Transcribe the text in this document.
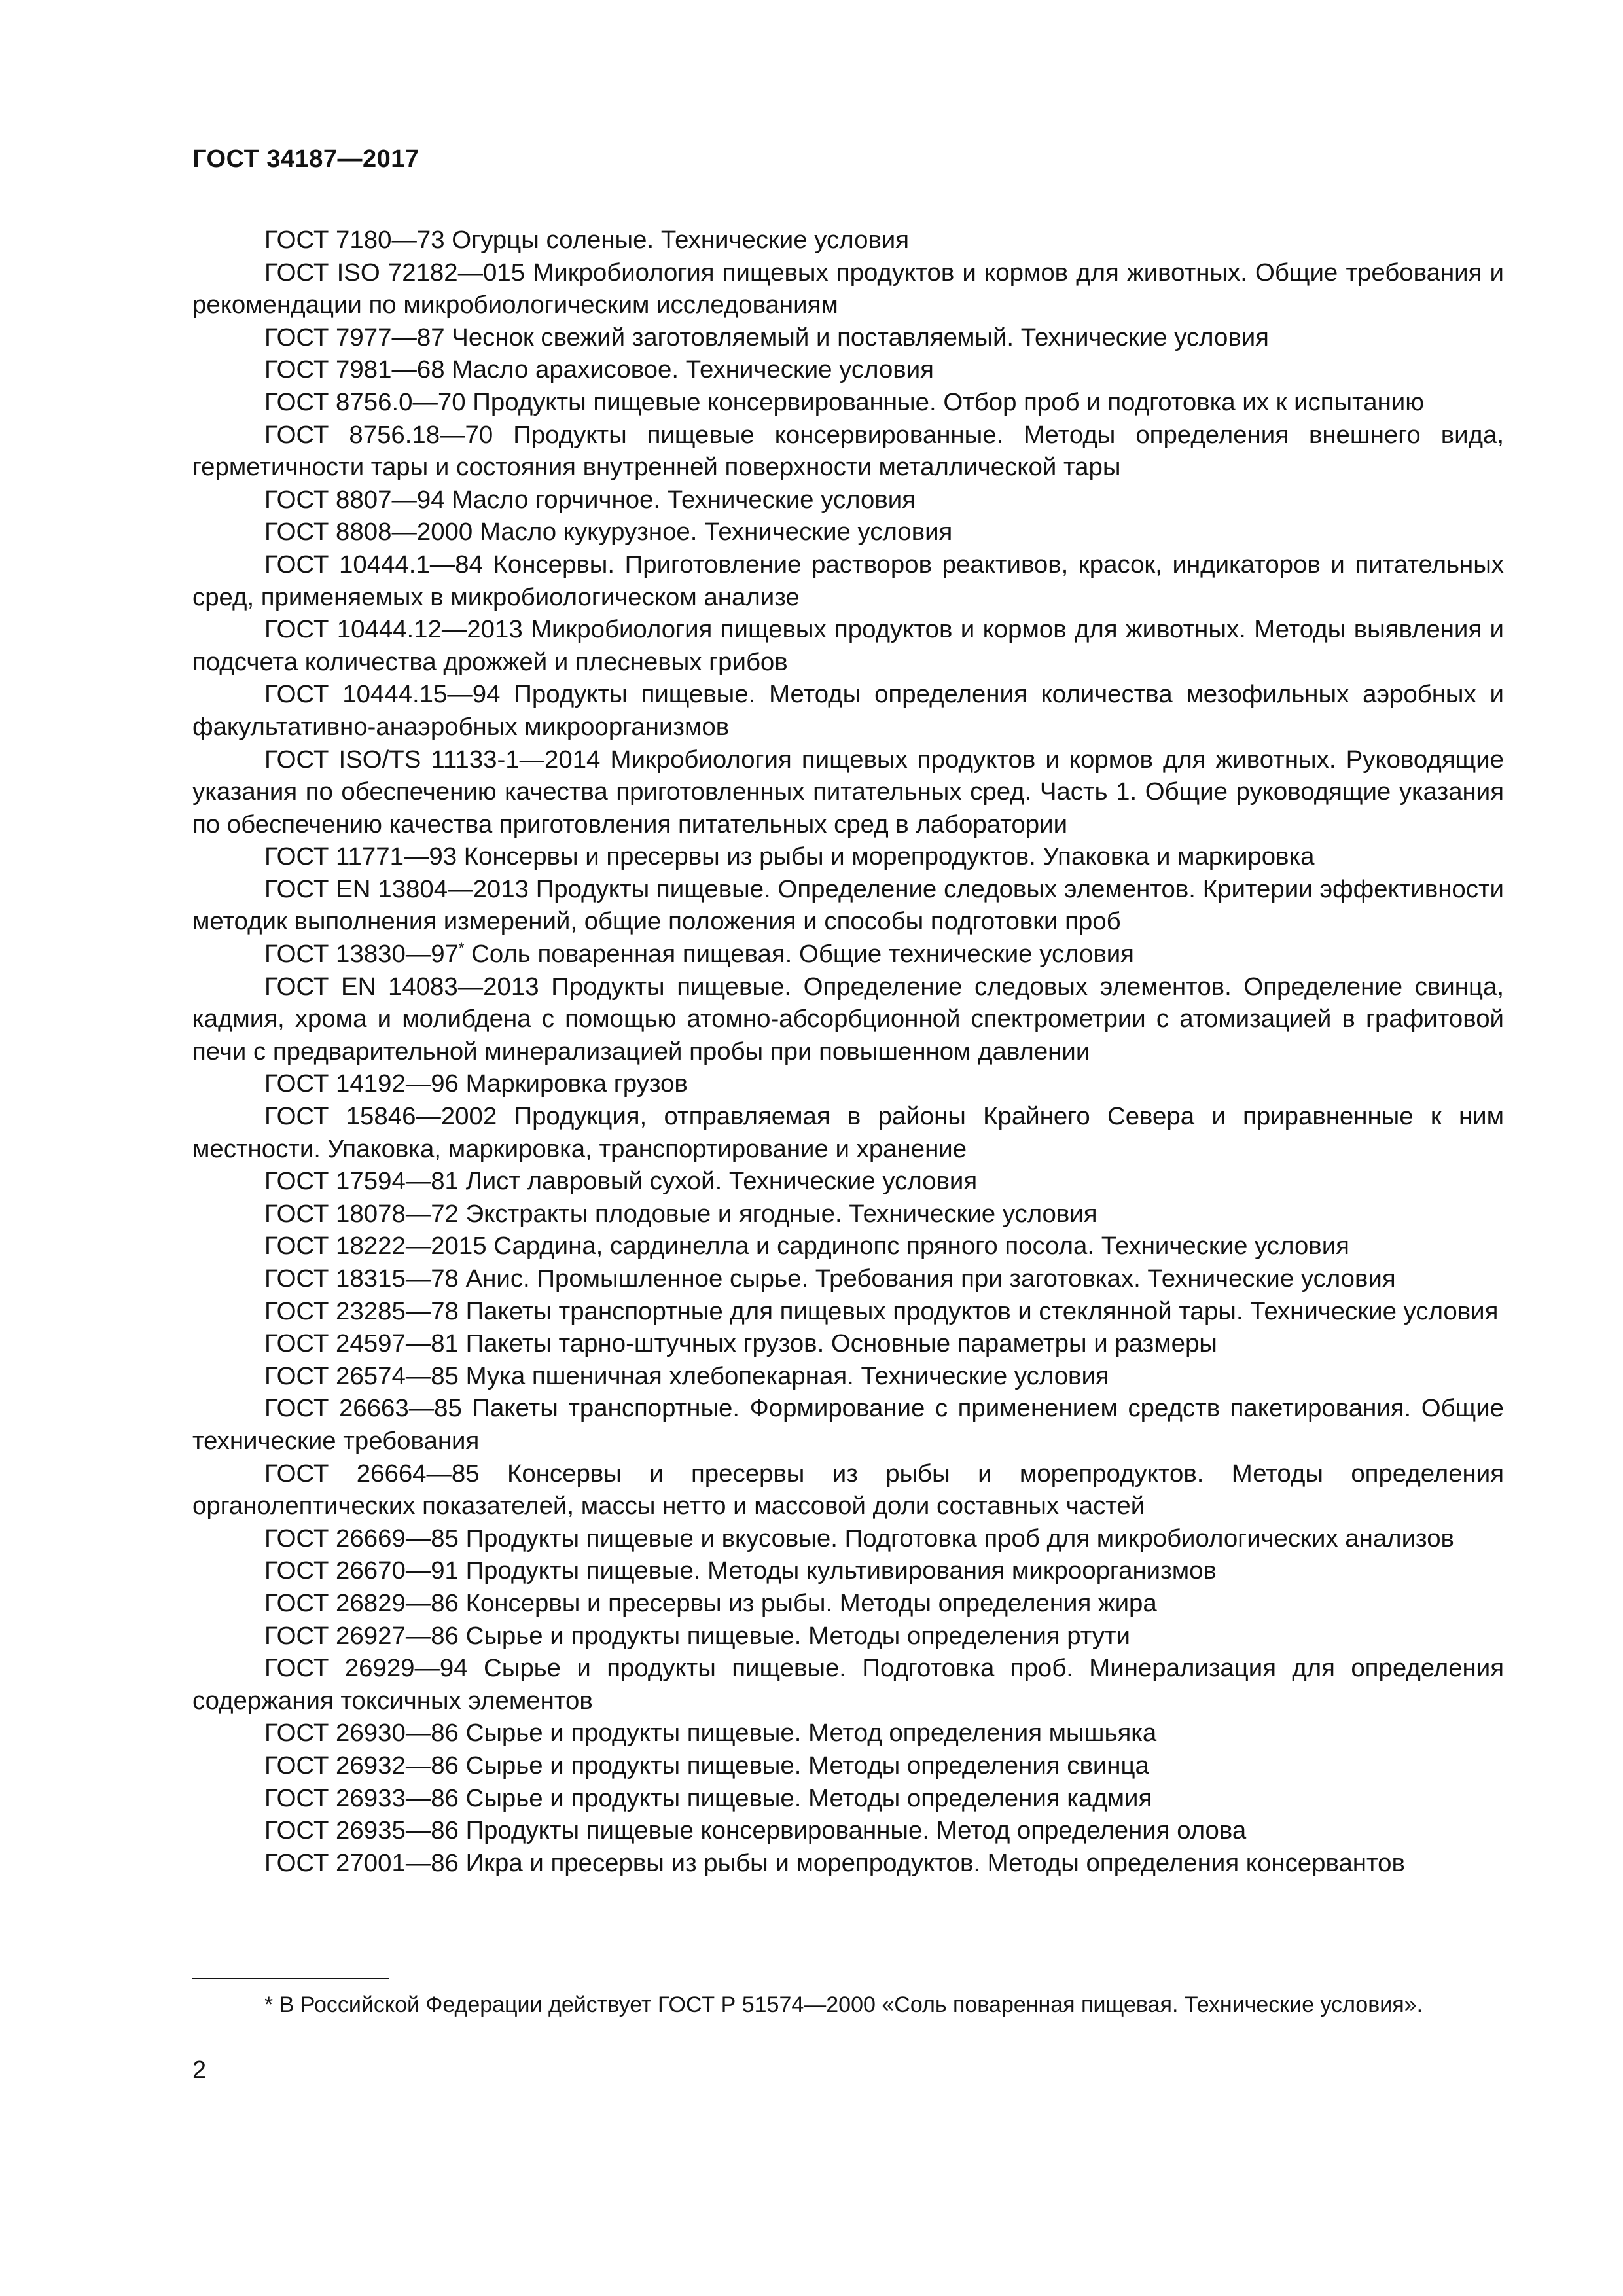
ГОСТ 34187—2017

ГОСТ 7180—73 Огурцы соленые. Технические условия

ГОСТ ISO 72182—015 Микробиология пищевых продуктов и кормов для животных. Общие требования и рекомендации по микробиологическим исследованиям

ГОСТ 7977—87 Чеснок свежий заготовляемый и поставляемый. Технические условия

ГОСТ 7981—68 Масло арахисовое. Технические условия

ГОСТ 8756.0—70 Продукты пищевые консервированные. Отбор проб и подготовка их к испытанию

ГОСТ 8756.18—70 Продукты пищевые консервированные. Методы определения внешнего вида, герметичности тары и состояния внутренней поверхности металлической тары

ГОСТ 8807—94 Масло горчичное. Технические условия

ГОСТ 8808—2000 Масло кукурузное. Технические условия

ГОСТ 10444.1—84 Консервы. Приготовление растворов реактивов, красок, индикаторов и питательных сред, применяемых в микробиологическом анализе

ГОСТ 10444.12—2013 Микробиология пищевых продуктов и кормов для животных. Методы выявления и подсчета количества дрожжей и плесневых грибов

ГОСТ 10444.15—94 Продукты пищевые. Методы определения количества мезофильных аэробных и факультативно-анаэробных микроорганизмов

ГОСТ ISO/TS 11133-1—2014 Микробиология пищевых продуктов и кормов для животных. Руководящие указания по обеспечению качества приготовленных питательных сред. Часть 1. Общие руководящие указания по обеспечению качества приготовления питательных сред в лаборатории

ГОСТ 11771—93 Консервы и пресервы из рыбы и морепродуктов. Упаковка и маркировка

ГОСТ EN 13804—2013 Продукты пищевые. Определение следовых элементов. Критерии эффективности методик выполнения измерений, общие положения и способы подготовки проб

ГОСТ 13830—97* Соль поваренная пищевая. Общие технические условия

ГОСТ EN 14083—2013 Продукты пищевые. Определение следовых элементов. Определение свинца, кадмия, хрома и молибдена с помощью атомно-абсорбционной спектрометрии с атомизацией в графитовой печи с предварительной минерализацией пробы при повышенном давлении

ГОСТ 14192—96 Маркировка грузов

ГОСТ 15846—2002 Продукция, отправляемая в районы Крайнего Севера и приравненные к ним местности. Упаковка, маркировка, транспортирование и хранение

ГОСТ 17594—81 Лист лавровый сухой. Технические условия

ГОСТ 18078—72 Экстракты плодовые и ягодные. Технические условия

ГОСТ 18222—2015 Сардина, сардинелла и сардинопс пряного посола. Технические условия

ГОСТ 18315—78 Анис. Промышленное сырье. Требования при заготовках. Технические условия

ГОСТ 23285—78 Пакеты транспортные для пищевых продуктов и стеклянной тары. Технические условия

ГОСТ 24597—81 Пакеты тарно-штучных грузов. Основные параметры и размеры

ГОСТ 26574—85 Мука пшеничная хлебопекарная. Технические условия

ГОСТ 26663—85 Пакеты транспортные. Формирование с применением средств пакетирования. Общие технические требования

ГОСТ 26664—85 Консервы и пресервы из рыбы и морепродуктов. Методы определения органолептических показателей, массы нетто и массовой доли составных частей

ГОСТ 26669—85 Продукты пищевые и вкусовые. Подготовка проб для микробиологических анализов

ГОСТ 26670—91 Продукты пищевые. Методы культивирования микроорганизмов

ГОСТ 26829—86 Консервы и пресервы из рыбы. Методы определения жира

ГОСТ 26927—86 Сырье и продукты пищевые. Методы определения ртути

ГОСТ 26929—94 Сырье и продукты пищевые. Подготовка проб. Минерализация для определения содержания токсичных элементов

ГОСТ 26930—86 Сырье и продукты пищевые. Метод определения мышьяка

ГОСТ 26932—86 Сырье и продукты пищевые. Методы определения свинца

ГОСТ 26933—86 Сырье и продукты пищевые. Методы определения кадмия

ГОСТ 26935—86 Продукты пищевые консервированные. Метод определения олова

ГОСТ 27001—86 Икра и пресервы из рыбы и морепродуктов. Методы определения консервантов

* В Российской Федерации действует ГОСТ Р 51574—2000 «Соль поваренная пищевая. Технические условия».
2
